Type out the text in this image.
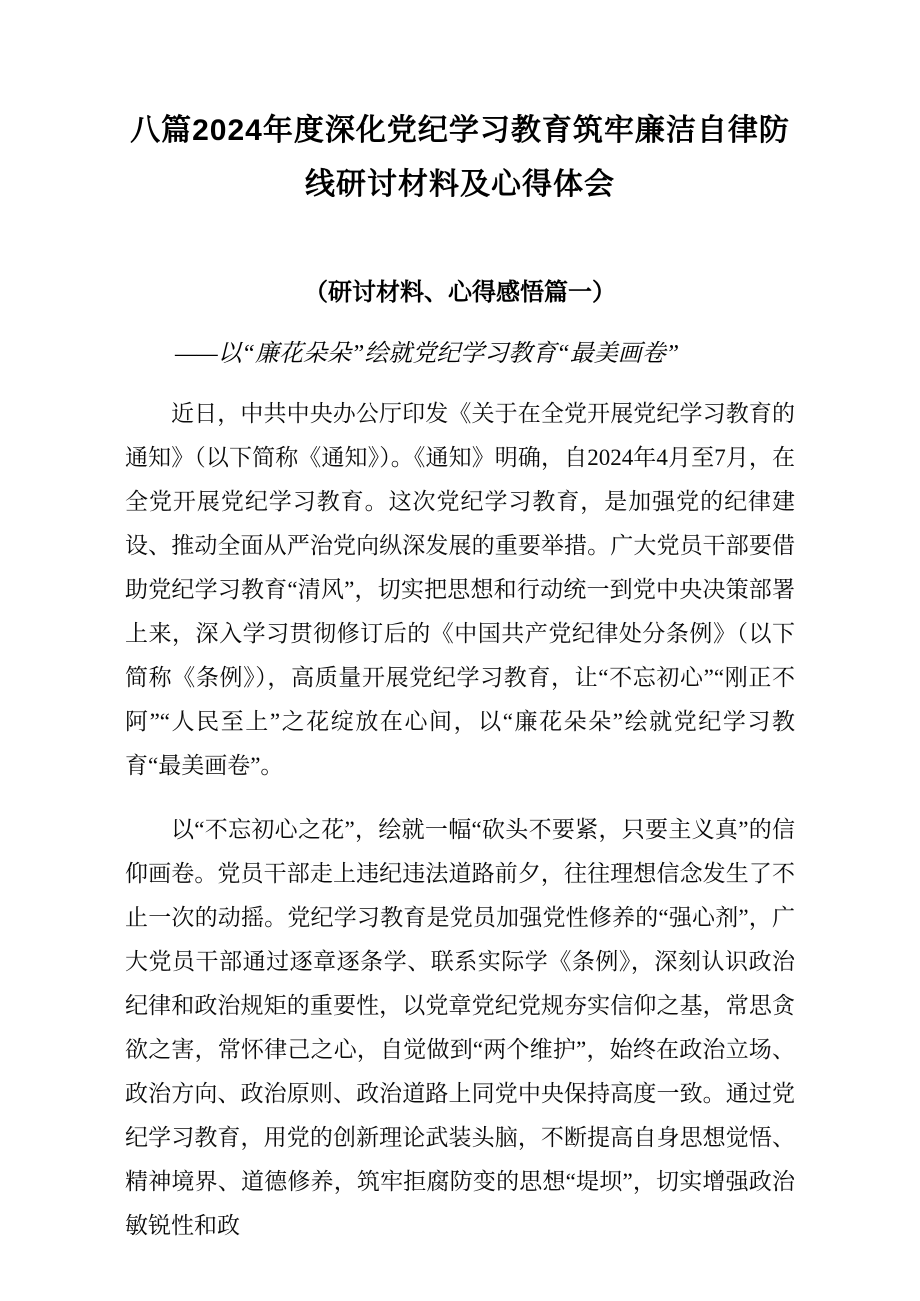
八篇2024年度深化党纪学习教育筑牢廉洁自律防线研讨材料及心得体会
（研讨材料、心得感悟篇一）
——以“廉花朵朵”绘就党纪学习教育“最美画卷”

近日，中共中央办公厅印发《关于在全党开展党纪学习教育的通知》（以下简称《通知》）。《通知》明确，自2024年4月至7月，在全党开展党纪学习教育。这次党纪学习教育，是加强党的纪律建设、推动全面从严治党向纵深发展的重要举措。广大党员干部要借助党纪学习教育“清风”，切实把思想和行动统一到党中央决策部署上来，深入学习贯彻修订后的《中国共产党纪律处分条例》（以下简称《条例》），高质量开展党纪学习教育，让“不忘初心”“刚正不阿”“人民至上”之花绽放在心间，以“廉花朵朵”绘就党纪学习教育“最美画卷”。

以“不忘初心之花”，绘就一幅“砍头不要紧，只要主义真”的信仰画卷。党员干部走上违纪违法道路前夕，往往理想信念发生了不止一次的动摇。党纪学习教育是党员加强党性修养的“强心剂”，广大党员干部通过逐章逐条学、联系实际学《条例》，深刻认识政治纪律和政治规矩的重要性，以党章党纪党规夯实信仰之基，常思贪欲之害，常怀律己之心，自觉做到“两个维护”，始终在政治立场、政治方向、政治原则、政治道路上同党中央保持高度一致。通过党纪学习教育，用党的创新理论武装头脑，不断提高自身思想觉悟、精神境界、道德修养，筑牢拒腐防变的思想“堤坝”，切实增强政治敏锐性和政
